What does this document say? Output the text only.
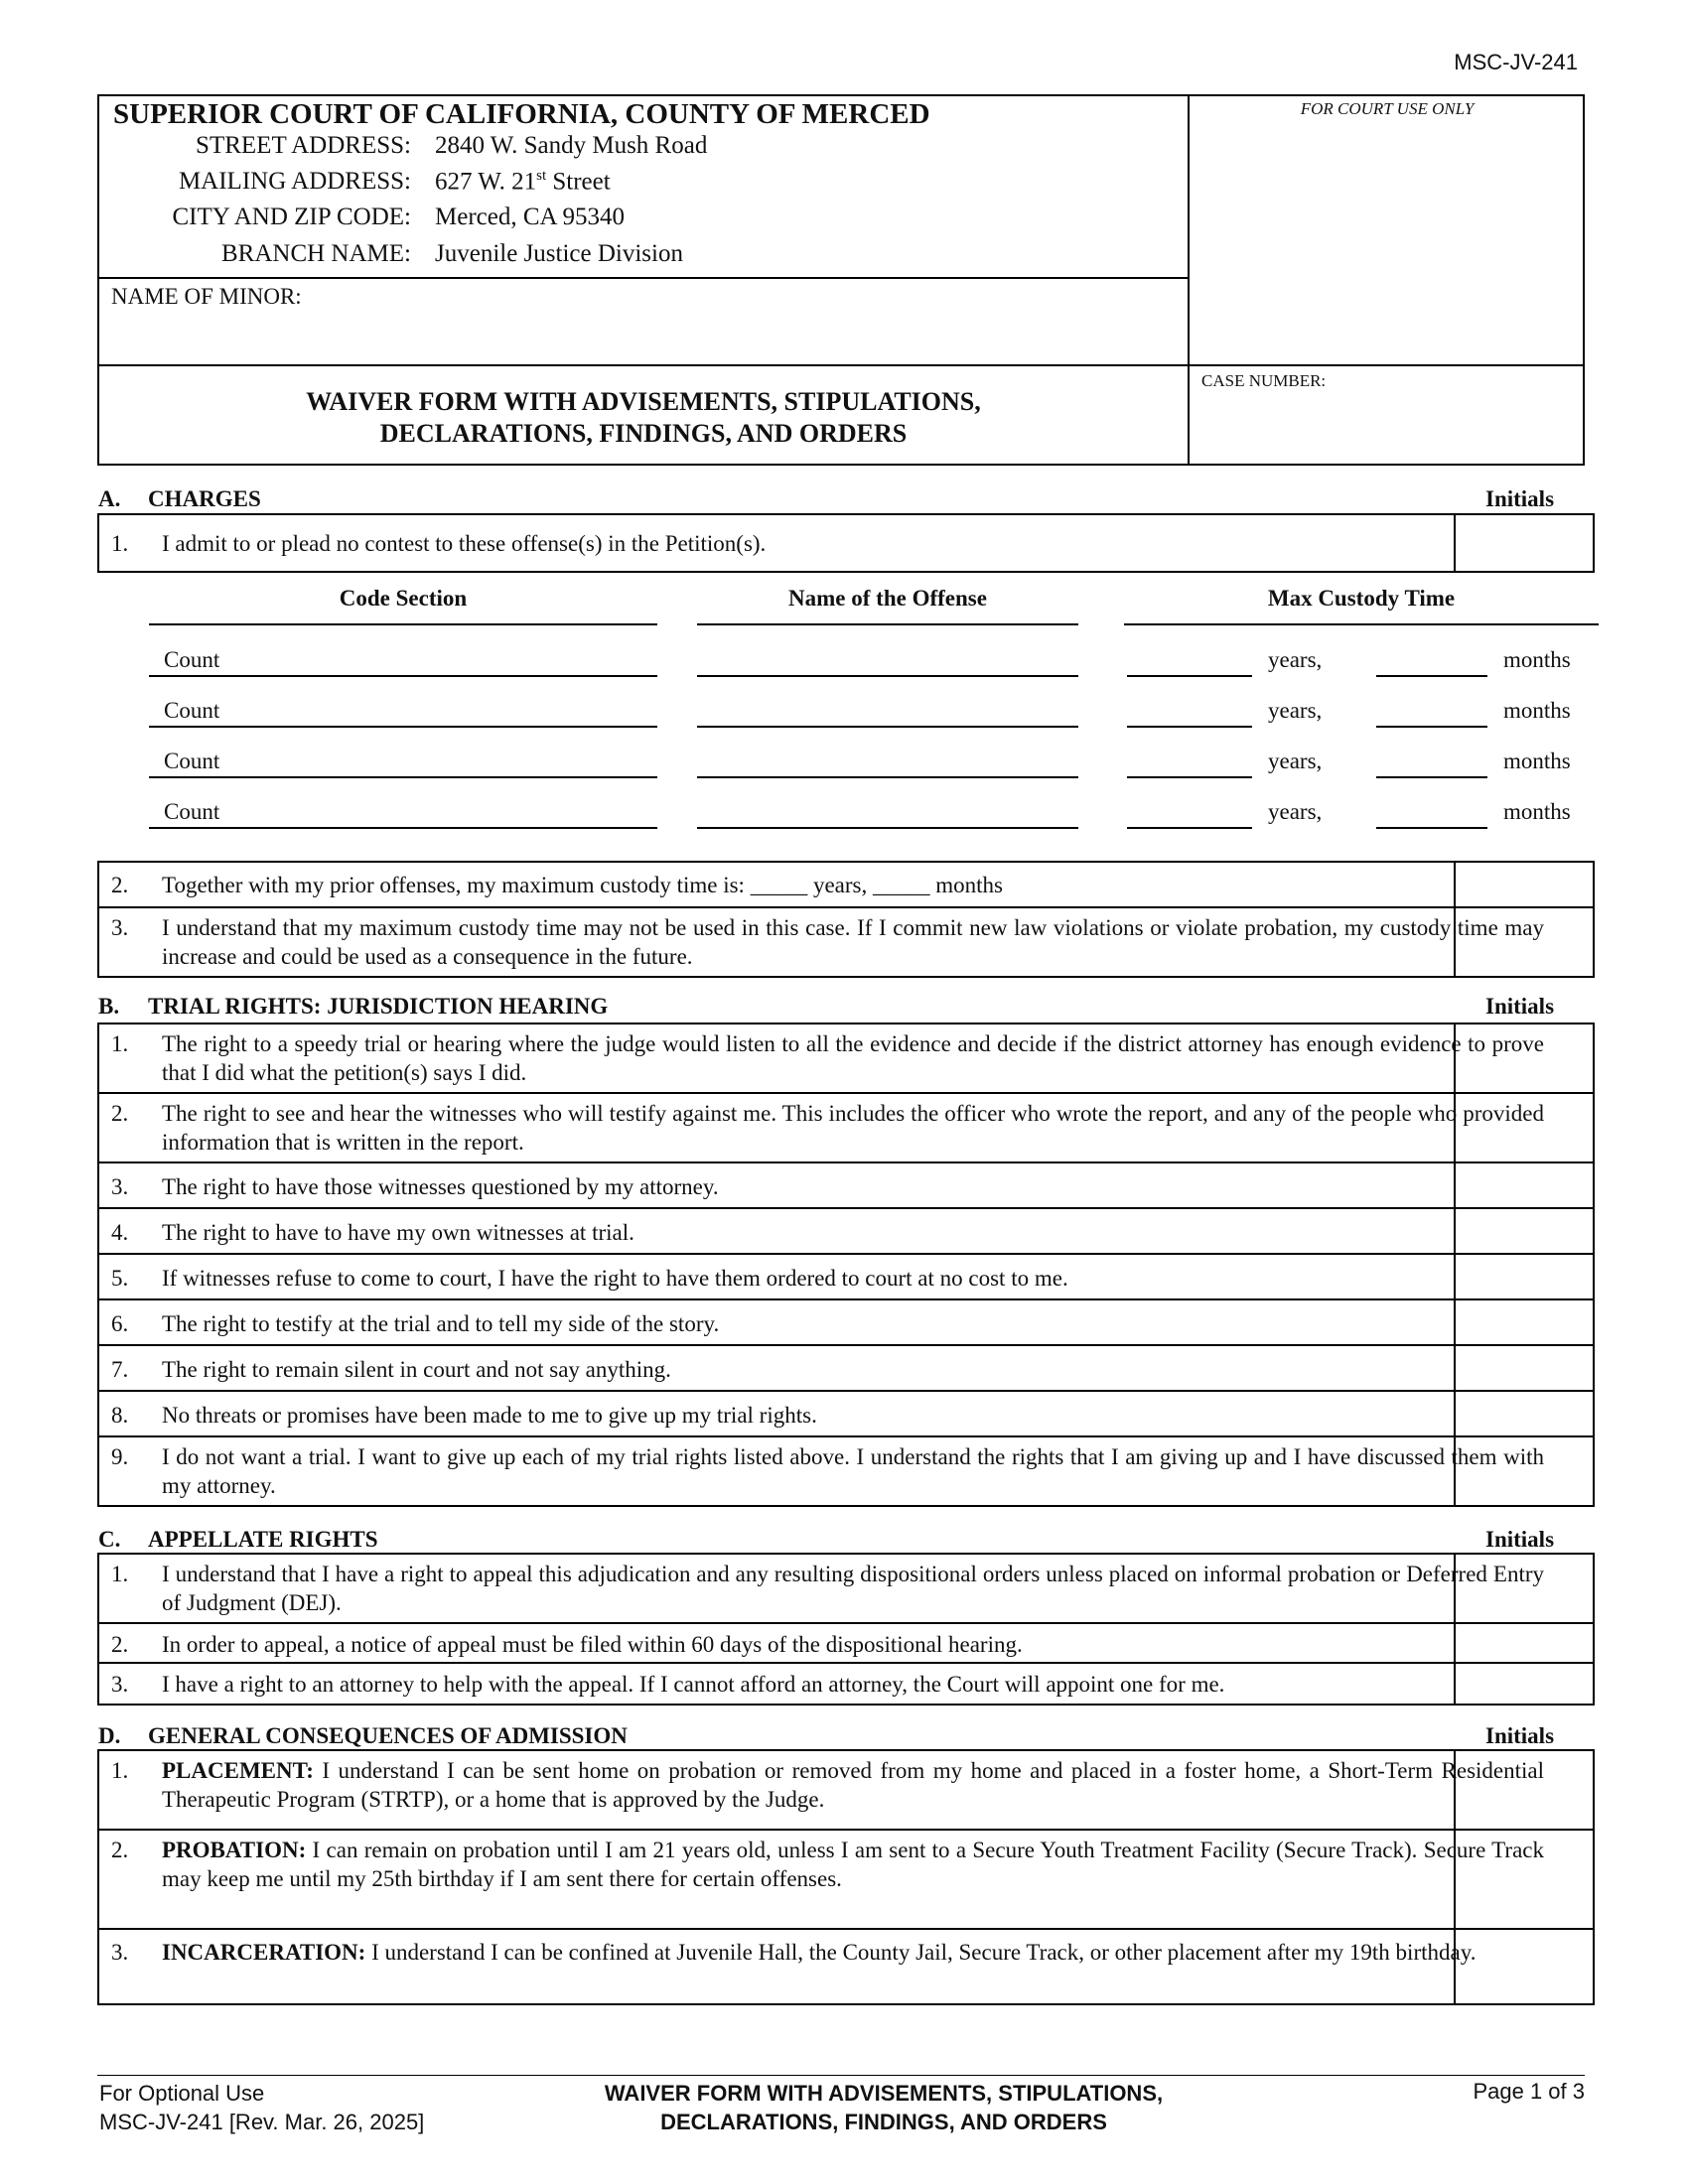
MSC-JV-241
SUPERIOR COURT OF CALIFORNIA, COUNTY OF MERCED
STREET ADDRESS: 2840 W. Sandy Mush Road
MAILING ADDRESS: 627 W. 21st Street
CITY AND ZIP CODE: Merced, CA 95340
BRANCH NAME: Juvenile Justice Division
FOR COURT USE ONLY
NAME OF MINOR:
CASE NUMBER:
WAIVER FORM WITH ADVISEMENTS, STIPULATIONS,
DECLARATIONS, FINDINGS, AND ORDERS
A. CHARGES	Initials
1. I admit to or plead no contest to these offense(s) in the Petition(s).
Code Section	Name of the Offense	Max Custody Time
Count	years,	months
Count	years,	months
Count	years,	months
Count	years,	months
2. Together with my prior offenses, my maximum custody time is: _____ years, _____ months
3. I understand that my maximum custody time may not be used in this case. If I commit new law violations or violate probation, my custody time may increase and could be used as a consequence in the future.
B. TRIAL RIGHTS: JURISDICTION HEARING	Initials
1. The right to a speedy trial or hearing where the judge would listen to all the evidence and decide if the district attorney has enough evidence to prove that I did what the petition(s) says I did.
2. The right to see and hear the witnesses who will testify against me. This includes the officer who wrote the report, and any of the people who provided information that is written in the report.
3. The right to have those witnesses questioned by my attorney.
4. The right to have to have my own witnesses at trial.
5. If witnesses refuse to come to court, I have the right to have them ordered to court at no cost to me.
6. The right to testify at the trial and to tell my side of the story.
7. The right to remain silent in court and not say anything.
8. No threats or promises have been made to me to give up my trial rights.
9. I do not want a trial. I want to give up each of my trial rights listed above. I understand the rights that I am giving up and I have discussed them with my attorney.
C. APPELLATE RIGHTS	Initials
1. I understand that I have a right to appeal this adjudication and any resulting dispositional orders unless placed on informal probation or Deferred Entry of Judgment (DEJ).
2. In order to appeal, a notice of appeal must be filed within 60 days of the dispositional hearing.
3. I have a right to an attorney to help with the appeal. If I cannot afford an attorney, the Court will appoint one for me.
D. GENERAL CONSEQUENCES OF ADMISSION	Initials
1. PLACEMENT: I understand I can be sent home on probation or removed from my home and placed in a foster home, a Short-Term Residential Therapeutic Program (STRTP), or a home that is approved by the Judge.
2. PROBATION: I can remain on probation until I am 21 years old, unless I am sent to a Secure Youth Treatment Facility (Secure Track). Secure Track may keep me until my 25th birthday if I am sent there for certain offenses.
3. INCARCERATION: I understand I can be confined at Juvenile Hall, the County Jail, Secure Track, or other placement after my 19th birthday.
For Optional Use
MSC-JV-241 [Rev. Mar. 26, 2025]
WAIVER FORM WITH ADVISEMENTS, STIPULATIONS,
DECLARATIONS, FINDINGS, AND ORDERS
Page 1 of 3
